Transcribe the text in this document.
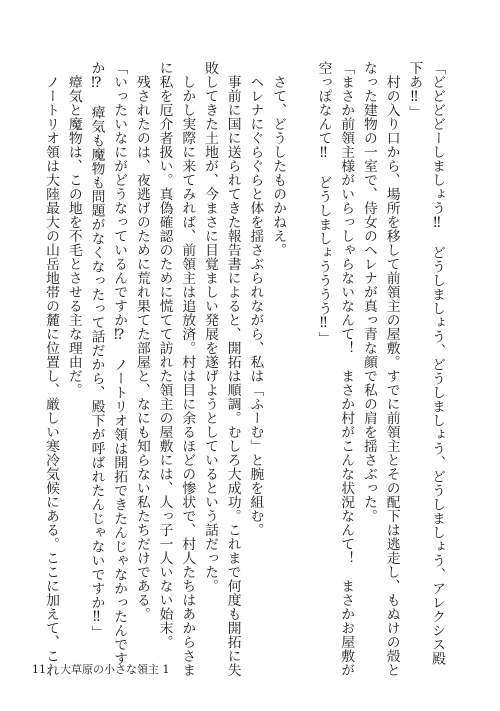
「どどどどーしましょう‼　どうしましょう、どうしましょう、どうしましょう、アレクシス殿
下あ‼」
　村の入り口から、場所を移して前領主の屋敷。すでに前領主とその配下は逃走し、もぬけの殻と
なった建物の一室で、侍女のヘレナが真っ青な顔で私の肩を揺さぶった。
「まさか前領主様がいらっしゃらないなんて！　まさか村がこんな状況なんて！　まさかお屋敷が
空っぽなんて‼　どうしましょうううう‼」
　さて、どうしたものかねえ。
　ヘレナにぐらぐらと体を揺さぶられながら、私は「ふーむ」と腕を組む。
　事前に国に送られてきた報告書によると、開拓は順調。むしろ大成功。これまで何度も開拓に失
敗してきた土地が、今まさに目覚ましい発展を遂げようとしているという話だった。
　しかし実際に来てみれば、前領主は追放済。村は目に余るほどの惨状で、村人たちはあからさま
に私を厄介者扱い。真偽確認のために慌てて訪れた領主の屋敷には、人っ子一人いない始末。
　残されたのは、夜逃げのために荒れ果てた部屋と、なにも知らない私たちだけである。
「いったいなにがどうなっているんですか⁉　ノートリオ領は開拓できたんじゃなかったんです
か⁉　瘴気も魔物も問題がなくなったって話だから、殿下が呼ばれたんじゃないですか‼」
　瘴気と魔物は、この地を不毛とさせる主な理由だ。
　ノートリオ領は大陸最大の山岳地帯の麓に位置し、厳しい寒冷気候にある。ここに加えて、これ
11 大草原の小さな領主 1
